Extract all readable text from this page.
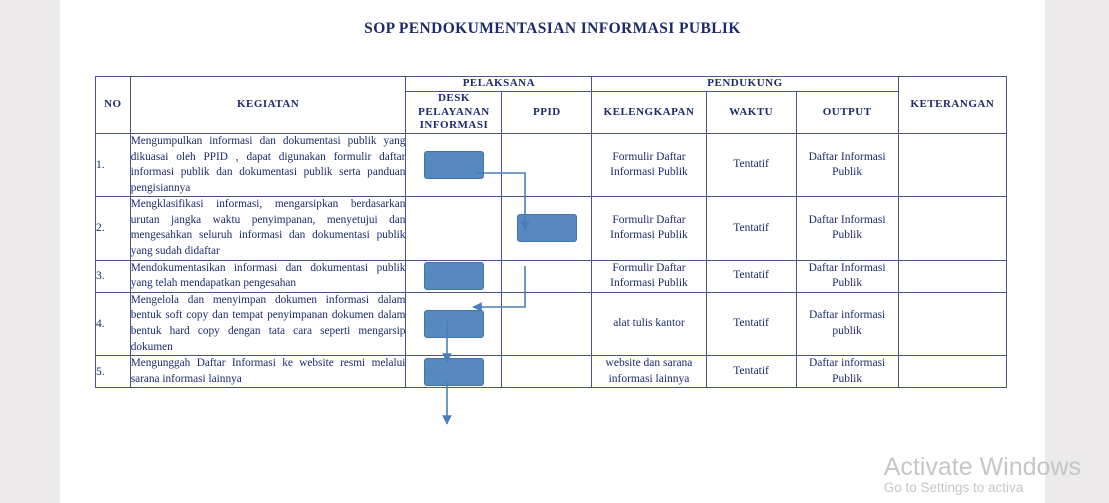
SOP PENDOKUMENTASIAN INFORMASI PUBLIK
NO	KEGIATAN	PELAKSANA		PENDUKUNG			KETERANGAN
		DESK PELAYANAN INFORMASI	PPID	KELENGKAPAN	WAKTU	OUTPUT	
1.	Mengumpulkan informasi dan dokumentasi publik yang dikuasai oleh PPID , dapat digunakan formulir daftar informasi publik dan dokumentasi publik serta panduan pengisiannya			Formulir Daftar Informasi Publik	Tentatif	Daftar Informasi Publik	
2.	Mengklasifikasi informasi, mengarsipkan berdasarkan urutan jangka waktu penyimpanan, menyetujui dan mengesahkan seluruh informasi dan dokumentasi publik yang sudah didaftar			Formulir Daftar Informasi Publik	Tentatif	Daftar Informasi Publik	
3.	Mendokumentasikan informasi dan dokumentasi publik yang telah mendapatkan pengesahan			Formulir Daftar Informasi Publik	Tentatif	Daftar Informasi Publik	
4.	Mengelola dan menyimpan dokumen informasi dalam bentuk soft copy dan tempat penyimpanan dokumen dalam bentuk hard copy dengan tata cara seperti mengarsip dokumen			alat tulis kantor	Tentatif	Daftar informasi publik	
5.	Mengunggah Daftar Informasi ke website resmi melalui sarana informasi lainnya			website dan sarana informasi lainnya	Tentatif	Daftar informasi Publik	
Activate Windows
Go to Settings to activa
